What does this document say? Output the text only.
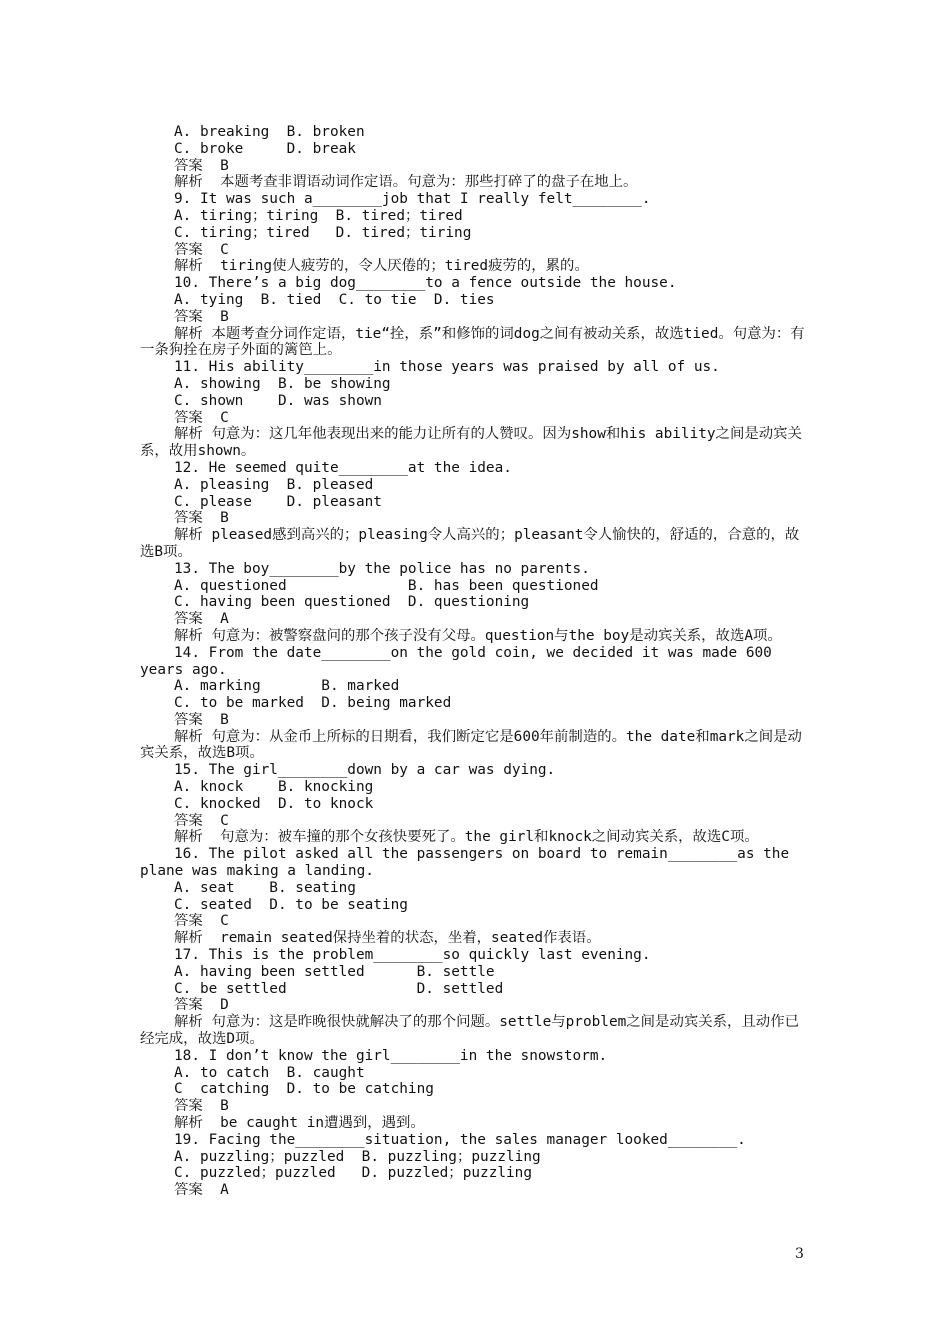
A. breaking  B. broken
C. broke     D. break
答案  B
解析  本题考查非谓语动词作定语。句意为：那些打碎了的盘子在地上。
9. It was such a________job that I really felt________.
A. tiring；tiring  B. tired；tired
C. tiring；tired   D. tired；tiring
答案  C
解析  tiring使人疲劳的，令人厌倦的；tired疲劳的，累的。
10. There’s a big dog________to a fence outside the house.
A. tying  B. tied  C. to tie  D. ties
答案  B
解析 本题考查分词作定语，tie“拴，系”和修饰的词dog之间有被动关系，故选tied。句意为：有一条狗拴在房子外面的篱笆上。
11. His ability________in those years was praised by all of us.
A. showing  B. be showing
C. shown    D. was shown
答案  C
解析 句意为：这几年他表现出来的能力让所有的人赞叹。因为show和his ability之间是动宾关系，故用shown。
12. He seemed quite________at the idea.
A. pleasing  B. pleased
C. please    D. pleasant
答案  B
解析 pleased感到高兴的；pleasing令人高兴的；pleasant令人愉快的，舒适的，合意的，故选B项。
13. The boy________by the police has no parents.
A. questioned              B. has been questioned
C. having been questioned  D. questioning
答案  A
解析 句意为：被警察盘问的那个孩子没有父母。question与the boy是动宾关系，故选A项。
14. From the date________on the gold coin, we decided it was made 600 years ago.
A. marking       B. marked
C. to be marked  D. being marked
答案  B
解析 句意为：从金币上所标的日期看，我们断定它是600年前制造的。the date和mark之间是动宾关系，故选B项。
15. The girl________down by a car was dying.
A. knock    B. knocking
C. knocked  D. to knock
答案  C
解析  句意为：被车撞的那个女孩快要死了。the girl和knock之间动宾关系，故选C项。
16. The pilot asked all the passengers on board to remain________as the plane was making a landing.
A. seat    B. seating
C. seated  D. to be seating
答案  C
解析  remain seated保持坐着的状态，坐着，seated作表语。
17. This is the problem________so quickly last evening.
A. having been settled      B. settle
C. be settled               D. settled
答案  D
解析 句意为：这是昨晚很快就解决了的那个问题。settle与problem之间是动宾关系，且动作已经完成，故选D项。
18. I don’t know the girl________in the snowstorm.
A. to catch  B. caught
C  catching  D. to be catching
答案  B
解析  be caught in遭遇到，遇到。
19. Facing the________situation, the sales manager looked________.
A. puzzling；puzzled  B. puzzling；puzzling
C. puzzled；puzzled   D. puzzled；puzzling
答案  A
3
